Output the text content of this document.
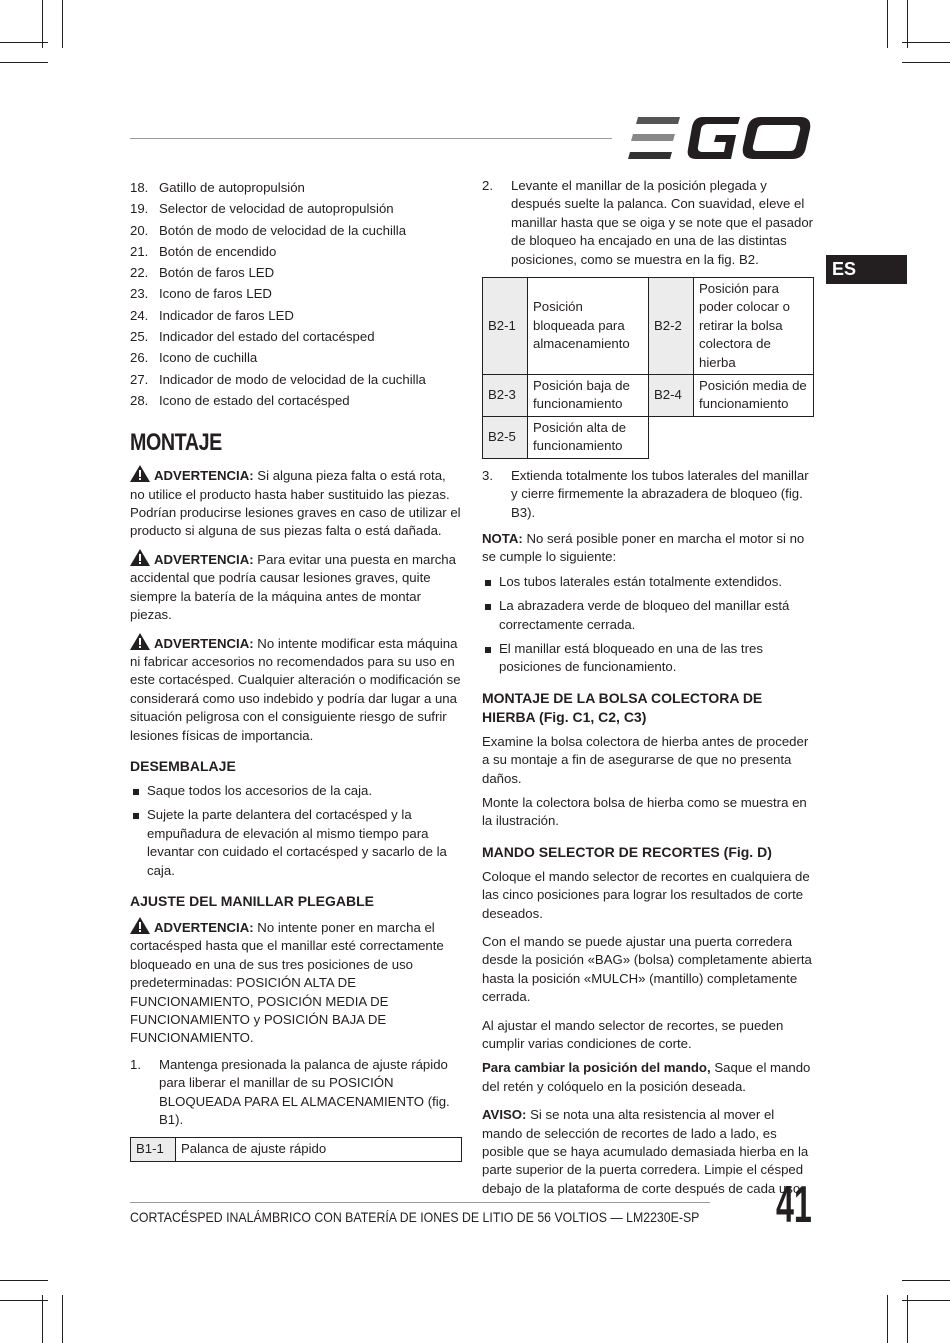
ES
18. Gatillo de autopropulsión
19. Selector de velocidad de autopropulsión
20. Botón de modo de velocidad de la cuchilla
21. Botón de encendido
22. Botón de faros LED
23. Icono de faros LED
24. Indicador de faros LED
25. Indicador del estado del cortacésped
26. Icono de cuchilla
27. Indicador de modo de velocidad de la cuchilla
28. Icono de estado del cortacésped
MONTAJE

ADVERTENCIA: Si alguna pieza falta o está rota, no utilice el producto hasta haber sustituido las piezas. Podrían producirse lesiones graves en caso de utilizar el producto si alguna de sus piezas falta o está dañada.

ADVERTENCIA: Para evitar una puesta en marcha accidental que podría causar lesiones graves, quite siempre la batería de la máquina antes de montar piezas.

ADVERTENCIA: No intente modificar esta máquina ni fabricar accesorios no recomendados para su uso en este cortacésped. Cualquier alteración o modificación se considerará como uso indebido y podría dar lugar a una situación peligrosa con el consiguiente riesgo de sufrir lesiones físicas de importancia.

DESEMBALAJE
Saque todos los accesorios de la caja.
Sujete la parte delantera del cortacésped y la empuñadura de elevación al mismo tiempo para levantar con cuidado el cortacésped y sacarlo de la caja.
AJUSTE DEL MANILLAR PLEGABLE

ADVERTENCIA: No intente poner en marcha el cortacésped hasta que el manillar esté correctamente bloqueado en una de sus tres posiciones de uso predeterminadas: POSICIÓN ALTA DE FUNCIONAMIENTO, POSICIÓN MEDIA DE FUNCIONAMIENTO y POSICIÓN BAJA DE FUNCIONAMIENTO.

1.	Mantenga presionada la palanca de ajuste rápido para liberar el manillar de su POSICIÓN BLOQUEADA PARA EL ALMACENAMIENTO (fig. B1).
B1-1	Palanca de ajuste rápido
2.	Levante el manillar de la posición plegada y después suelte la palanca. Con suavidad, eleve el manillar hasta que se oiga y se note que el pasador de bloqueo ha encajado en una de las distintas posiciones, como se muestra en la fig. B2.
B2-1	Posición bloqueada para almacenamiento	B2-2	Posición para poder colocar o retirar la bolsa colectora de hierba
B2-3	Posición baja de funcionamiento	B2-4	Posición media de funcionamiento
B2-5	Posición alta de funcionamiento		
3.	Extienda totalmente los tubos laterales del manillar y cierre firmemente la abrazadera de bloqueo (fig. B3).

NOTA: No será posible poner en marcha el motor si no se cumple lo siguiente:

Los tubos laterales están totalmente extendidos.
La abrazadera verde de bloqueo del manillar está correctamente cerrada.
El manillar está bloqueado en una de las tres posiciones de funcionamiento.
MONTAJE DE LA BOLSA COLECTORA DE HIERBA (Fig. C1, C2, C3)

Examine la bolsa colectora de hierba antes de proceder a su montaje a fin de asegurarse de que no presenta daños.

Monte la colectora bolsa de hierba como se muestra en la ilustración.

MANDO SELECTOR DE RECORTES (Fig. D)

Coloque el mando selector de recortes en cualquiera de las cinco posiciones para lograr los resultados de corte deseados.

Con el mando se puede ajustar una puerta corredera desde la posición «BAG» (bolsa) completamente abierta hasta la posición «MULCH» (mantillo) completamente cerrada.

Al ajustar el mando selector de recortes, se pueden cumplir varias condiciones de corte.

Para cambiar la posición del mando, Saque el mando del retén y colóquelo en la posición deseada.

AVISO: Si se nota una alta resistencia al mover el mando de selección de recortes de lado a lado, es posible que se haya acumulado demasiada hierba en la parte superior de la puerta corredera. Limpie el césped debajo de la plataforma de corte después de cada uso.

CORTACÉSPED INALÁMBRICO CON BATERÍA DE IONES DE LITIO DE 56 VOLTIOS — LM2230E-SP 41
